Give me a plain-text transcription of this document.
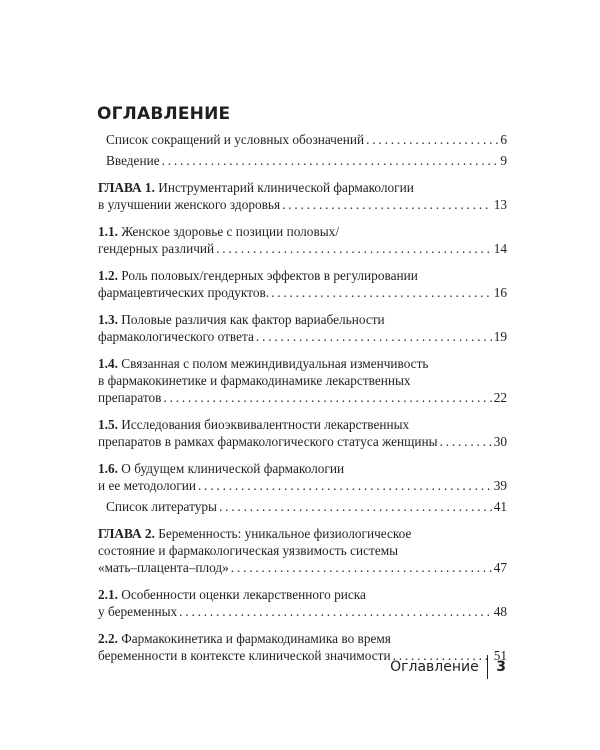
ОГЛАВЛЕНИЕ
Список сокращений и условных обозначений . . .	6
Введение . . .	9
ГЛАВА 1. Инструментарий клинической фармакологии
в улучшении женского здоровья . . .	13
1.1. Женское здоровье с позиции половых/
гендерных различий . . .	14
1.2. Роль половых/гендерных эффектов в регулировании
фармацевтических продуктов. . . .	16
1.3. Половые различия как фактор вариабельности
фармакологического ответа . . .	19
1.4. Связанная с полом межиндивидуальная изменчивость
в фармакокинетике и фармакодинамике лекарственных
препаратов . . .	22
1.5. Исследования биоэквивалентности лекарственных
препаратов в рамках фармакологического статуса женщины . . .	30
1.6. О будущем клинической фармакологии
и ее методологии . . .	39
Список литературы . . .	41
ГЛАВА 2. Беременность: уникальное физиологическое
состояние и фармакологическая уязвимость системы
«мать–плацента–плод» . . .	47
2.1. Особенности оценки лекарственного риска
у беременных . . .	48
2.2. Фармакокинетика и фармакодинамика во время
беременности в контексте клинической значимости . . .	51
Оглавление 3
